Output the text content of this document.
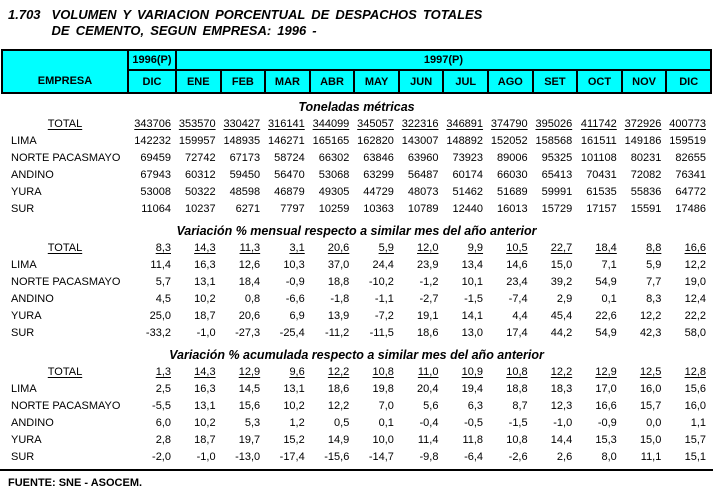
1.703 VOLUMEN Y VARIACION PORCENTUAL DE DESPACHOS TOTALES
DE CEMENTO, SEGUN EMPRESA: 1996 -
EMPRESA	1996(P)	1997(P)											
	DIC	ENE	FEB	MAR	ABR	MAY	JUN	JUL	AGO	SET	OCT	NOV	DIC
Toneladas métricas													
TOTAL	343706	353570	330427	316141	344099	345057	322316	346891	374790	395026	411742	372926	400773
LIMA	142232	159957	148935	146271	165165	162820	143007	148892	152052	158568	161511	149186	159519
NORTE PACASMAYO	69459	72742	67173	58724	66302	63846	63960	73923	89006	95325	101108	80231	82655
ANDINO	67943	60312	59450	56470	53068	63299	56487	60174	66030	65413	70431	72082	76341
YURA	53008	50322	48598	46879	49305	44729	48073	51462	51689	59991	61535	55836	64772
SUR	11064	10237	6271	7797	10259	10363	10789	12440	16013	15729	17157	15591	17486
Variación % mensual respecto a similar mes del año anterior													
TOTAL	8,3	14,3	11,3	3,1	20,6	5,9	12,0	9,9	10,5	22,7	18,4	8,8	16,6
LIMA	11,4	16,3	12,6	10,3	37,0	24,4	23,9	13,4	14,6	15,0	7,1	5,9	12,2
NORTE PACASMAYO	5,7	13,1	18,4	-0,9	18,8	-10,2	-1,2	10,1	23,4	39,2	54,9	7,7	19,0
ANDINO	4,5	10,2	0,8	-6,6	-1,8	-1,1	-2,7	-1,5	-7,4	2,9	0,1	8,3	12,4
YURA	25,0	18,7	20,6	6,9	13,9	-7,2	19,1	14,1	4,4	45,4	22,6	12,2	22,2
SUR	-33,2	-1,0	-27,3	-25,4	-11,2	-11,5	18,6	13,0	17,4	44,2	54,9	42,3	58,0
Variación % acumulada respecto a similar mes del año anterior													
TOTAL	1,3	14,3	12,9	9,6	12,2	10,8	11,0	10,9	10,8	12,2	12,9	12,5	12,8
LIMA	2,5	16,3	14,5	13,1	18,6	19,8	20,4	19,4	18,8	18,3	17,0	16,0	15,6
NORTE PACASMAYO	-5,5	13,1	15,6	10,2	12,2	7,0	5,6	6,3	8,7	12,3	16,6	15,7	16,0
ANDINO	6,0	10,2	5,3	1,2	0,5	0,1	-0,4	-0,5	-1,5	-1,0	-0,9	0,0	1,1
YURA	2,8	18,7	19,7	15,2	14,9	10,0	11,4	11,8	10,8	14,4	15,3	15,0	15,7
SUR	-2,0	-1,0	-13,0	-17,4	-15,6	-14,7	-9,8	-6,4	-2,6	2,6	8,0	11,1	15,1
FUENTE: SNE - ASOCEM.
